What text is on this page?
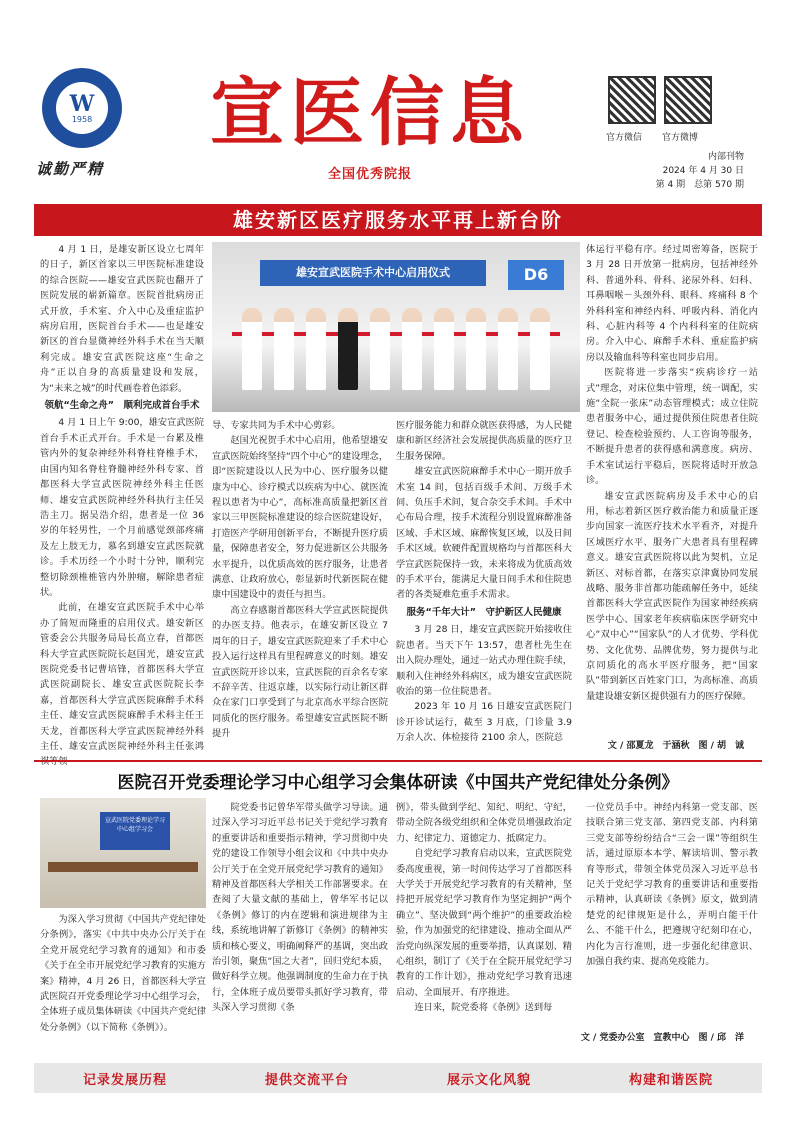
W
1958
诚勤严精
宣医信息
全国优秀院报
官方微信 官方微博
内部刊物
2024 年 4 月 30 日
第 4 期　总第 570 期
雄安新区医疗服务水平再上新台阶

4 月 1 日，是雄安新区设立七周年的日子，新区首家以三甲医院标准建设的综合医院——雄安宣武医院也翻开了医院发展的崭新篇章。医院首批病房正式开放，手术室、介入中心及重症监护病房启用，医院首台手术——也是雄安新区的首台显微神经外科手术在当天顺利完成。雄安宣武医院这座“生命之舟”正以自身的高质量建设和发展，为“未来之城”的时代画卷着色添彩。

领航“生命之舟”　顺利完成首台手术

4 月 1 日上午 9:00，雄安宣武医院首台手术正式开台。手术是一台累及椎管内外的复杂神经外科脊柱脊椎手术，由国内知名脊柱脊髓神经外科专家、首都医科大学宣武医院神经外科主任医师、雄安宣武医院神经外科执行主任吴浩主刀。据吴浩介绍，患者是一位 36 岁的年轻男性，一个月前感觉颈部疼痛及左上肢无力，慕名到雄安宣武医院就诊。手术历经一个小时十分钟，顺利完整切除颈椎椎管内外肿瘤，解除患者症状。

此前，在雄安宣武医院手术中心举办了简短而隆重的启用仪式。雄安新区管委会公共服务局局长高立春，首都医科大学宣武医院院长赵国光，雄安宣武医院党委书记曹培锋，首都医科大学宣武医院副院长、雄安宣武医院院长李嘉，首都医科大学宣武医院麻醉手术科主任、雄安宣武医院麻醉手术科主任王天龙，首都医科大学宣武医院神经外科主任、雄安宣武医院神经外科主任张鸿

雄安宣武医院手术中心启用仪式	D6

导、专家共同为手术中心剪彩。

赵国光祝贺手术中心启用，他希望雄安宣武医院始终坚持“四个中心”的建设理念，即“医院建设以人民为中心、医疗服务以健康为中心、诊疗模式以疾病为中心、就医流程以患者为中心”，高标准高质量把新区首家以三甲医院标准建设的综合医院建设好，打造医产学研用创新平台，不断提升医疗质量，保障患者安全，努力促进新区公共服务水平提升，以优质高效的医疗服务，让患者满意、让政府放心，彰显新时代新医院在健康中国建设中的责任与担当。

高立春感谢首都医科大学宣武医院提供的办医支持。他表示，在雄安新区设立 7 周年的日子，雄安宣武医院迎来了手术中心投入运行这样具有里程碑意义的时刻。雄安宣武医院开诊以来，宣武医院的百余名专家不辞辛苦、往返京雄，以实际行动让新区群众在家门口享受到了与北京高水平综合医院同质化的医疗服务。希望雄安宣武医院不断提升

医疗服务能力和群众就医获得感，为人民健康和新区经济社会发展提供高质量的医疗卫生服务保障。

雄安宣武医院麻醉手术中心一期开放手术室 14 间，包括百级手术间、万级手术间、负压手术间，复合杂交手术间。手术中心布局合理，按手术流程分别设置麻醉准备区域、手术区域、麻醉恢复区域，以及日间手术区域。软硬件配置规格均与首都医科大学宣武医院保持一致，未来将成为优质高效的手术平台，能满足大量日间手术和住院患者的各类疑难危重手术需求。

服务“千年大计”　守护新区人民健康

3 月 28 日，雄安宣武医院开始接收住院患者。当天下午 13:57，患者杜先生在出入院办理处，通过一站式办理住院手续，顺利入住神经外科病区，成为雄安宣武医院收治的第一位住院患者。

2023 年 10 月 16 日雄安宣武医院门诊开诊试运行，截至 3 月底，门诊量 3.9 万余人次、体检接待 2100 余人，医院总

体运行平稳有序。经过周密筹备，医院于 3 月 28 日开放第一批病房，包括神经外科、普通外科、骨科、泌尿外科、妇科、耳鼻咽喉－头颈外科、眼科、疼痛科 8 个外科科室和神经内科、呼吸内科、消化内科、心脏内科等 4 个内科科室的住院病房。介入中心、麻醉手术科、重症监护病房以及输血科等科室也同步启用。

医院将进一步落实“疾病诊疗一站式”理念，对床位集中管理，统一调配，实施“全院一张床”动态管理模式；成立住院患者服务中心，通过提供预住院患者住院登记、检查检验预约、人工咨询等服务，不断提升患者的获得感和满意度。病房、手术室试运行平稳后，医院将适时开放急诊。

雄安宣武医院病房及手术中心的启用，标志着新区医疗救治能力和质量正逐步向国家一流医疗技术水平看齐，对提升区域医疗水平、服务广大患者具有里程碑意义。雄安宣武医院将以此为契机，立足新区、对标首都，在落实京津冀协同发展战略、服务非首都功能疏解任务中，延续首都医科大学宣武医院作为国家神经疾病医学中心、国家老年疾病临床医学研究中心“双中心”“国家队”的人才优势、学科优势、文化优势、品牌优势，努力提供与北京同质化的高水平医疗服务，把“国家队”带到新区百姓家门口，为高标准、高质量建设雄安新区提供强有力的医疗保障。

文 / 邵夏龙　于涵秋　图 / 胡　诚
医院召开党委理论学习中心组学习会集体研读《中国共产党纪律处分条例》
宣武医院党委理论学习中心组学习会

为深入学习贯彻《中国共产党纪律处分条例》，落实《中共中央办公厅关于在全党开展党纪学习教育的通知》和市委《关于在全市开展党纪学习教育的实施方案》精神，4 月 26 日，首都医科大学宣武医院召开党委理论学习中心组学习会，全体班子成员集体研读《中国共产党纪律处分条例》（以下简称《条例》）。

院党委书记曾华军带头做学习导读。通过深入学习习近平总书记关于党纪学习教育的重要讲话和重要指示精神，学习贯彻中央党的建设工作领导小组会议和《中共中央办公厅关于在全党开展党纪学习教育的通知》精神及首都医科大学相关工作部署要求。在查阅了大量文献的基础上，曾华军书记以《条例》修订的内在逻辑和演进规律为主线，系统地讲解了新修订《条例》的精神实质和核心要义，明确阐释严的基调，突出政治引领，聚焦“国之大者”，回归党纪本质，做好科学立规。他强调制度的生命力在于执行，全体班子成员要带头抓好学习教育，带头深入学习贯彻《条

例》，带头做到学纪、知纪、明纪、守纪，带动全院各级党组织和全体党员增强政治定力、纪律定力、道德定力、抵腐定力。

自党纪学习教育启动以来，宣武医院党委高度重视，第一时间传达学习了首都医科大学关于开展党纪学习教育的有关精神，坚持把开展党纪学习教育作为坚定拥护“两个确立”、坚决做到“两个维护”的重要政治检验，作为加强党的纪律建设、推动全面从严治党向纵深发展的重要举措，认真谋划、精心组织，制订了《关于在全院开展党纪学习教育的工作计划》，推动党纪学习教育迅速启动、全面展开、有序推进。

连日来，院党委将《条例》送到每

一位党员手中。神经内科第一党支部、医技联合第三党支部、第四党支部、内科第三党支部等纷纷结合“三会一课”等组织生活，通过原原本本学、解读培训、警示教育等形式，带领全体党员深入习近平总书记关于党纪学习教育的重要讲话和重要指示精神，认真研读《条例》原文，做到清楚党的纪律规矩是什么，弄明白能干什么、不能干什么，把遵规守纪刻印在心，内化为言行准则，进一步强化纪律意识、加强自我约束、提高免疫能力。

文 / 党委办公室　宣教中心　图 / 邱　洋
记录发展历程	提供交流平台	展示文化风貌	构建和谐医院
